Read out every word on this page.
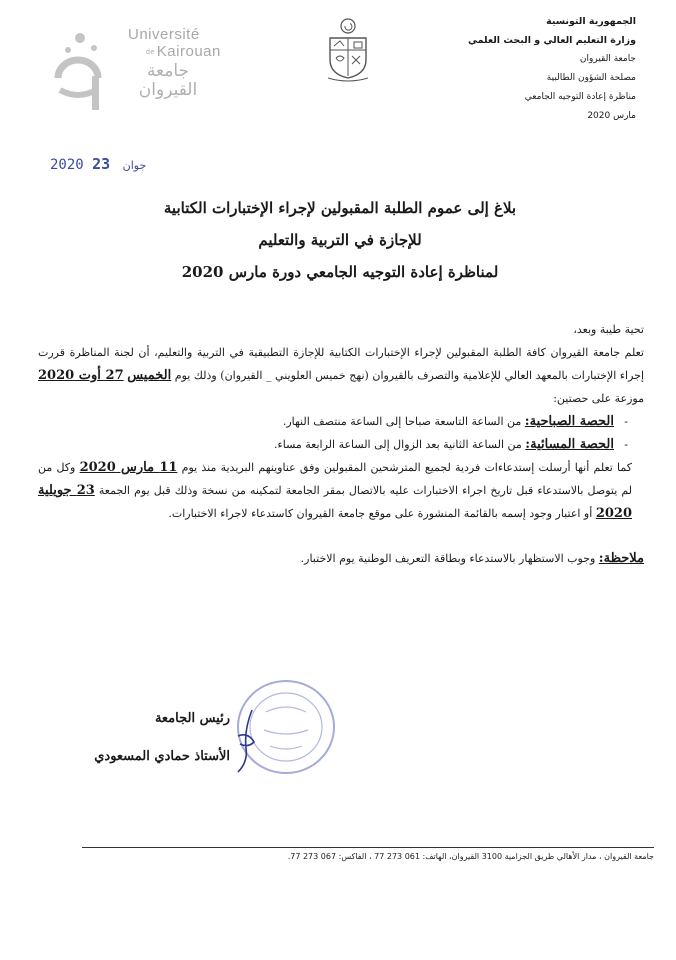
الجمهورية التونسية
وزارة التعليم العالي و البحث العلمي
جامعة القيروان
مصلحة الشؤون الطالبية
مناظرة إعادة التوجيه الجامعي
مارس 2020
Université
de Kairouan
جامعة
القيروان
2020	جوان 23
بلاغ إلى عموم الطلبة المقبولين لإجراء الإختبارات الكتابية
للإجازة في التربية والتعليم
لمناظرة إعادة التوجيه الجامعي دورة مارس 2020

تحية طيبة وبعد،

تعلم جامعة القيروان كافة الطلبة المقبولين لإجراء الإختبارات الكتابية للإجازة التطبيقية في التربية والتعليم، أن لجنة المناظرة قررت إجراء الإختبارات بالمعهد العالي للإعلامية والتصرف بالقيروان (نهج خميس العلويني _ القيروان) وذلك يوم الخميس 27 أوت 2020 موزعة على حصتين:

-الحصة الصباحية: من الساعة التاسعة صباحا إلى الساعة منتصف النهار.

-الحصة المسائية: من الساعة الثانية بعد الزوال إلى الساعة الرابعة مساء.

كما تعلم أنها أرسلت إستدعاءات فردية لجميع المترشحين المقبولين وفق عناوينهم البريدية منذ يوم 11 مارس 2020 وكل من لم يتوصل بالاستدعاء قبل تاريخ اجراء الاختبارات عليه بالاتصال بمقر الجامعة لتمكينه من نسخة وذلك قبل يوم الجمعة 23 جويلية 2020 أو اعتبار وجود إسمه بالقائمة المنشورة على موقع جامعة القيروان كاستدعاء لاجراء الاختبارات.

ملاحظة: وجوب الاستظهار بالاستدعاء وبطاقة التعريف الوطنية يوم الاختبار.

رئيس الجامعة
الأستاذ حمادي المسعودي
جامعة القيروان ، مدار الأهالي طريق الجزامية 3100 القيروان، الهاتف: 061 273 77 ، الفاكس: 067 273 77.
